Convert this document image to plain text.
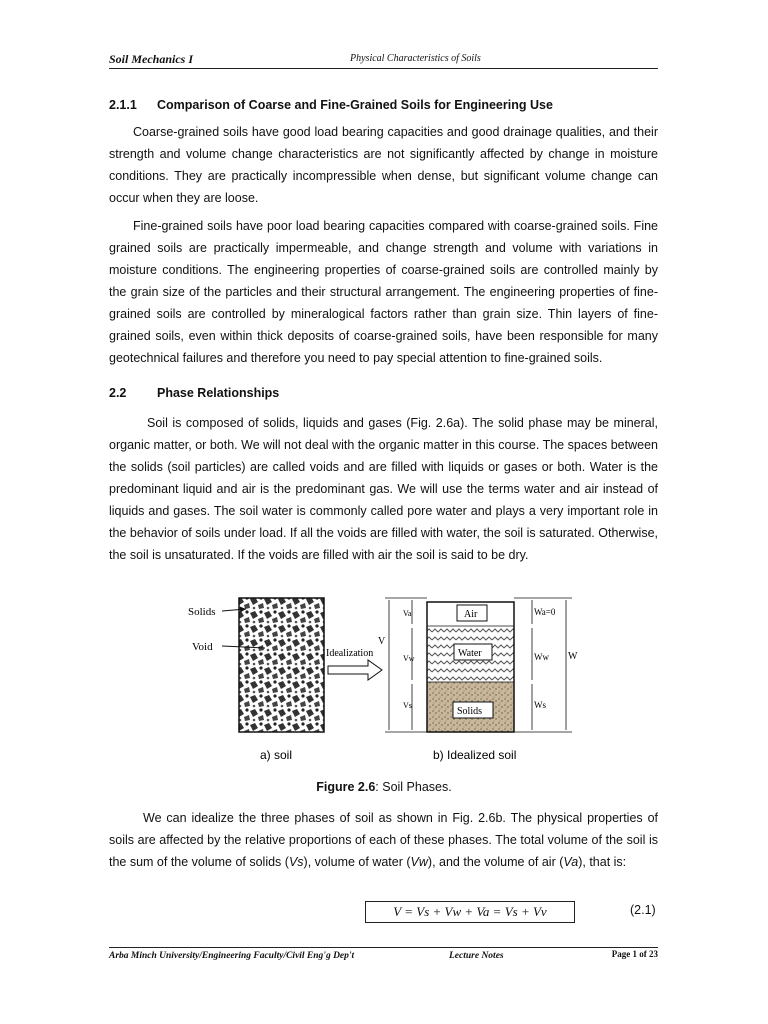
Soil Mechanics I	Physical Characteristics of Soils
2.1.1 Comparison of Coarse and Fine-Grained Soils for Engineering Use

Coarse-grained soils have good load bearing capacities and good drainage qualities, and their strength and volume change characteristics are not significantly affected by change in moisture conditions. They are practically incompressible when dense, but significant volume change can occur when they are loose.

Fine-grained soils have poor load bearing capacities compared with coarse-grained soils. Fine grained soils are practically impermeable, and change strength and volume with variations in moisture conditions. The engineering properties of coarse-grained soils are controlled mainly by the grain size of the particles and their structural arrangement. The engineering properties of fine-grained soils are controlled by mineralogical factors rather than grain size. Thin layers of fine-grained soils, even within thick deposits of coarse-grained soils, have been responsible for many geotechnical failures and therefore you need to pay special attention to fine-grained soils.

2.2 Phase Relationships

Soil is composed of solids, liquids and gases (Fig. 2.6a). The solid phase may be mineral, organic matter, or both. We will not deal with the organic matter in this course. The spaces between the solids (soil particles) are called voids and are filled with liquids or gases or both. Water is the predominant liquid and air is the predominant gas. We will use the terms water and air instead of liquids and gases. The soil water is commonly called pore water and plays a very important role in the behavior of soils under load. If all the voids are filled with water, the soil is saturated. Otherwise, the soil is unsaturated. If the voids are filled with air the soil is said to be dry.

Solids
Void
Idealization
Air
Water
Solids
V
Va
Vw
Vs
Wa=0
Ww
Ws
W
a) soil	b) Idealized soil
Figure 2.6: Soil Phases.

We can idealize the three phases of soil as shown in Fig. 2.6b. The physical properties of soils are affected by the relative proportions of each of these phases. The total volume of the soil is the sum of the volume of solids (Vs), volume of water (Vw), and the volume of air (Va), that is:

V = Vs + Vw + Va = Vs + Vv	(2.1)
Arba Minch University/Engineering Faculty/Civil Eng'g Dep't	Lecture Notes	Page 1 of 23
